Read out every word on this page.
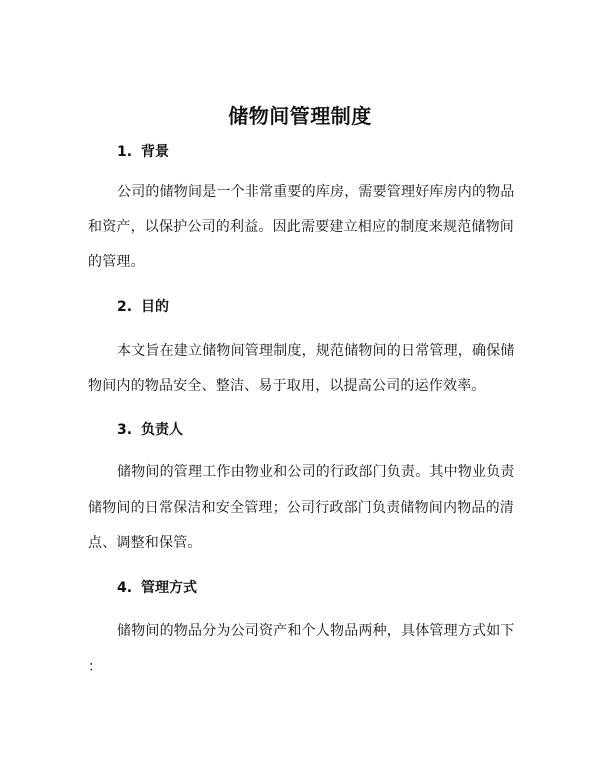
储物间管理制度
1. 背景
公司的储物间是一个非常重要的库房，需要管理好库房内的物品
和资产，以保护公司的利益。因此需要建立相应的制度来规范储物间
的管理。
2. 目的
本文旨在建立储物间管理制度，规范储物间的日常管理，确保储
物间内的物品安全、整洁、易于取用，以提高公司的运作效率。
3. 负责人
储物间的管理工作由物业和公司的行政部门负责。其中物业负责
储物间的日常保洁和安全管理；公司行政部门负责储物间内物品的清
点、调整和保管。
4. 管理方式
储物间的物品分为公司资产和个人物品两种，具体管理方式如下
：
